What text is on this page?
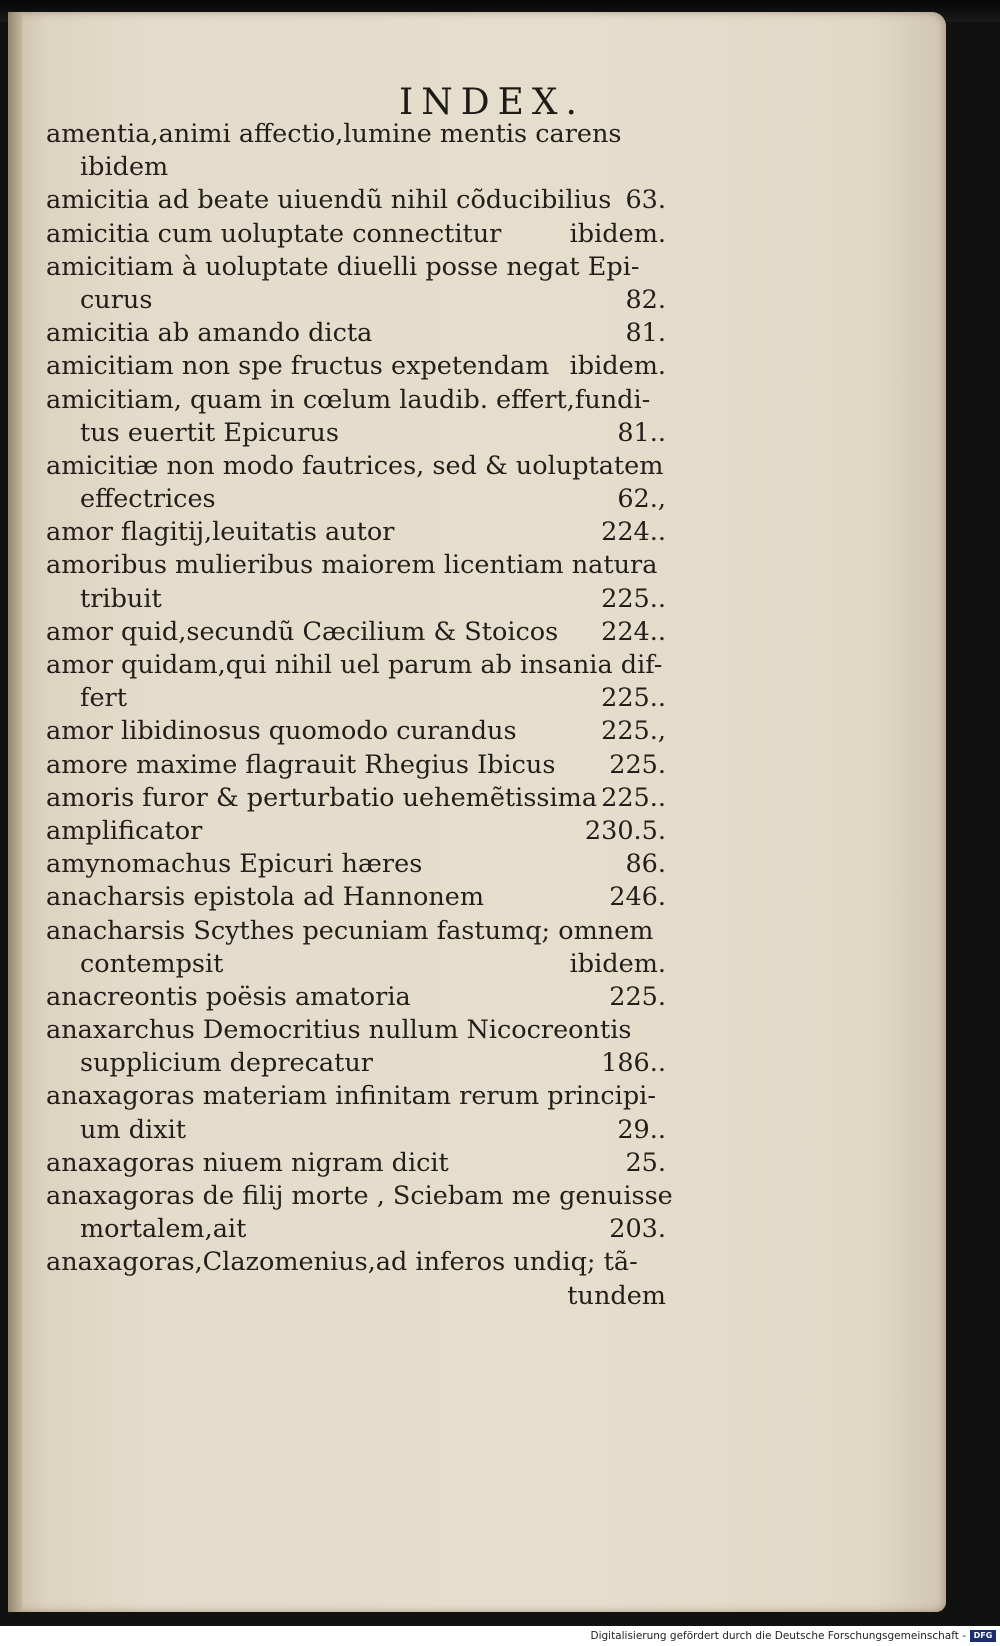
INDEX.
amentia,animi affectio,lumine mentis carens
ibidem
amicitia ad beate uiuendũ nihil cõducibilius 63.
amicitia cum uoluptate connectitur	ibidem.
amicitiam à uoluptate diuelli posse negat Epi-
curus	82.
amicitia ab amando dicta	81.
amicitiam non spe fructus expetendam ibidem.
amicitiam, quam in cœlum laudib. effert,fundi-
tus euertit Epicurus	81..
amicitiæ non modo fautrices, sed & uoluptatem
effectrices	62.,
amor flagitij,leuitatis autor	224..
amoribus mulieribus maiorem licentiam natura
tribuit	225..
amor quid,secundũ Cæcilium & Stoicos 224..
amor quidam,qui nihil uel parum ab insania dif-
fert	225..
amor libidinosus quomodo curandus	225.,
amore maxime flagrauit Rhegius Ibicus 225.
amoris furor & perturbatio uehemẽtissima 225..
amplificator	230.5.
amynomachus Epicuri hæres	86.
anacharsis epistola ad Hannonem	246.
anacharsis Scythes pecuniam fastumq; omnem
contempsit	ibidem.
anacreontis poësis amatoria	225.
anaxarchus Democritius nullum Nicocreontis
supplicium deprecatur	186..
anaxagoras materiam infinitam rerum principi-
um dixit	29..
anaxagoras niuem nigram dicit	25.
anaxagoras de filij morte , Sciebam me genuisse
mortalem,ait	203.
anaxagoras,Clazomenius,ad inferos undiq; tã-
tundem
Digitalisierung gefördert durch die Deutsche Forschungsgemeinschaft - DFG
